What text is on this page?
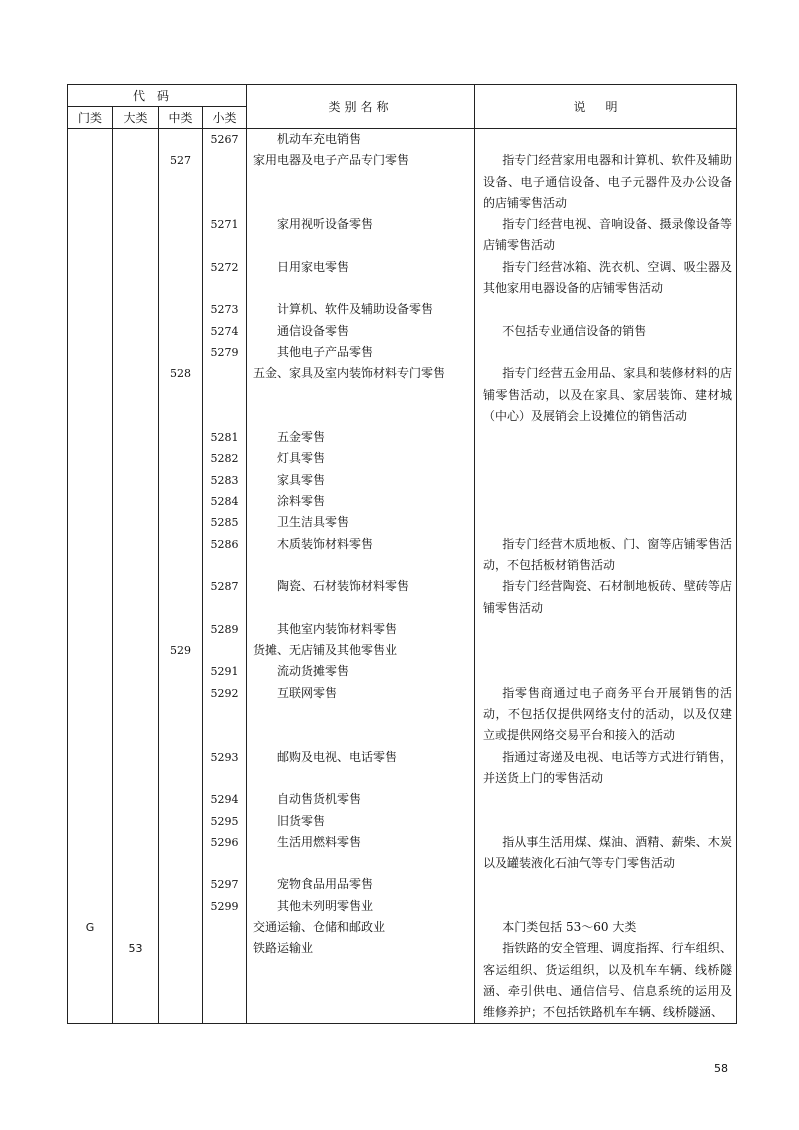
代码				类别名称	说明
门类	大类	中类	小类		
			5267	机动车充电销售	

		527		家用电器及电子产品专门零售	指专门经营家用电器和计算机、软件及辅助设备、电子通信设备、电子元器件及办公设备的店铺零售活动

			5271	家用视听设备零售	指专门经营电视、音响设备、摄录像设备等店铺零售活动

			5272	日用家电零售	指专门经营冰箱、洗衣机、空调、吸尘器及其他家用电器设备的店铺零售活动

			5273	计算机、软件及辅助设备零售	

			5274	通信设备零售	不包括专业通信设备的销售

			5279	其他电子产品零售	

		528		五金、家具及室内装饰材料专门零售	指专门经营五金用品、家具和装修材料的店铺零售活动，以及在家具、家居装饰、建材城（中心）及展销会上设摊位的销售活动

			5281	五金零售	

			5282	灯具零售	

			5283	家具零售	

			5284	涂料零售	

			5285	卫生洁具零售	

			5286	木质装饰材料零售	指专门经营木质地板、门、窗等店铺零售活动，不包括板材销售活动

			5287	陶瓷、石材装饰材料零售	指专门经营陶瓷、石材制地板砖、壁砖等店铺零售活动

			5289	其他室内装饰材料零售	

		529		货摊、无店铺及其他零售业	

			5291	流动货摊零售	

			5292	互联网零售	指零售商通过电子商务平台开展销售的活动，不包括仅提供网络支付的活动，以及仅建立或提供网络交易平台和接入的活动

			5293	邮购及电视、电话零售	指通过寄递及电视、电话等方式进行销售，并送货上门的零售活动

			5294	自动售货机零售	

			5295	旧货零售	

			5296	生活用燃料零售	指从事生活用煤、煤油、酒精、薪柴、木炭以及罐装液化石油气等专门零售活动

			5297	宠物食品用品零售	

			5299	其他未列明零售业	

G				交通运输、仓储和邮政业	本门类包括 53～60 大类

	53			铁路运输业	指铁路的安全管理、调度指挥、行车组织、客运组织、货运组织，以及机车车辆、线桥隧涵、牵引供电、通信信号、信息系统的运用及维修养护；不包括铁路机车车辆、线桥隧涵、
58
